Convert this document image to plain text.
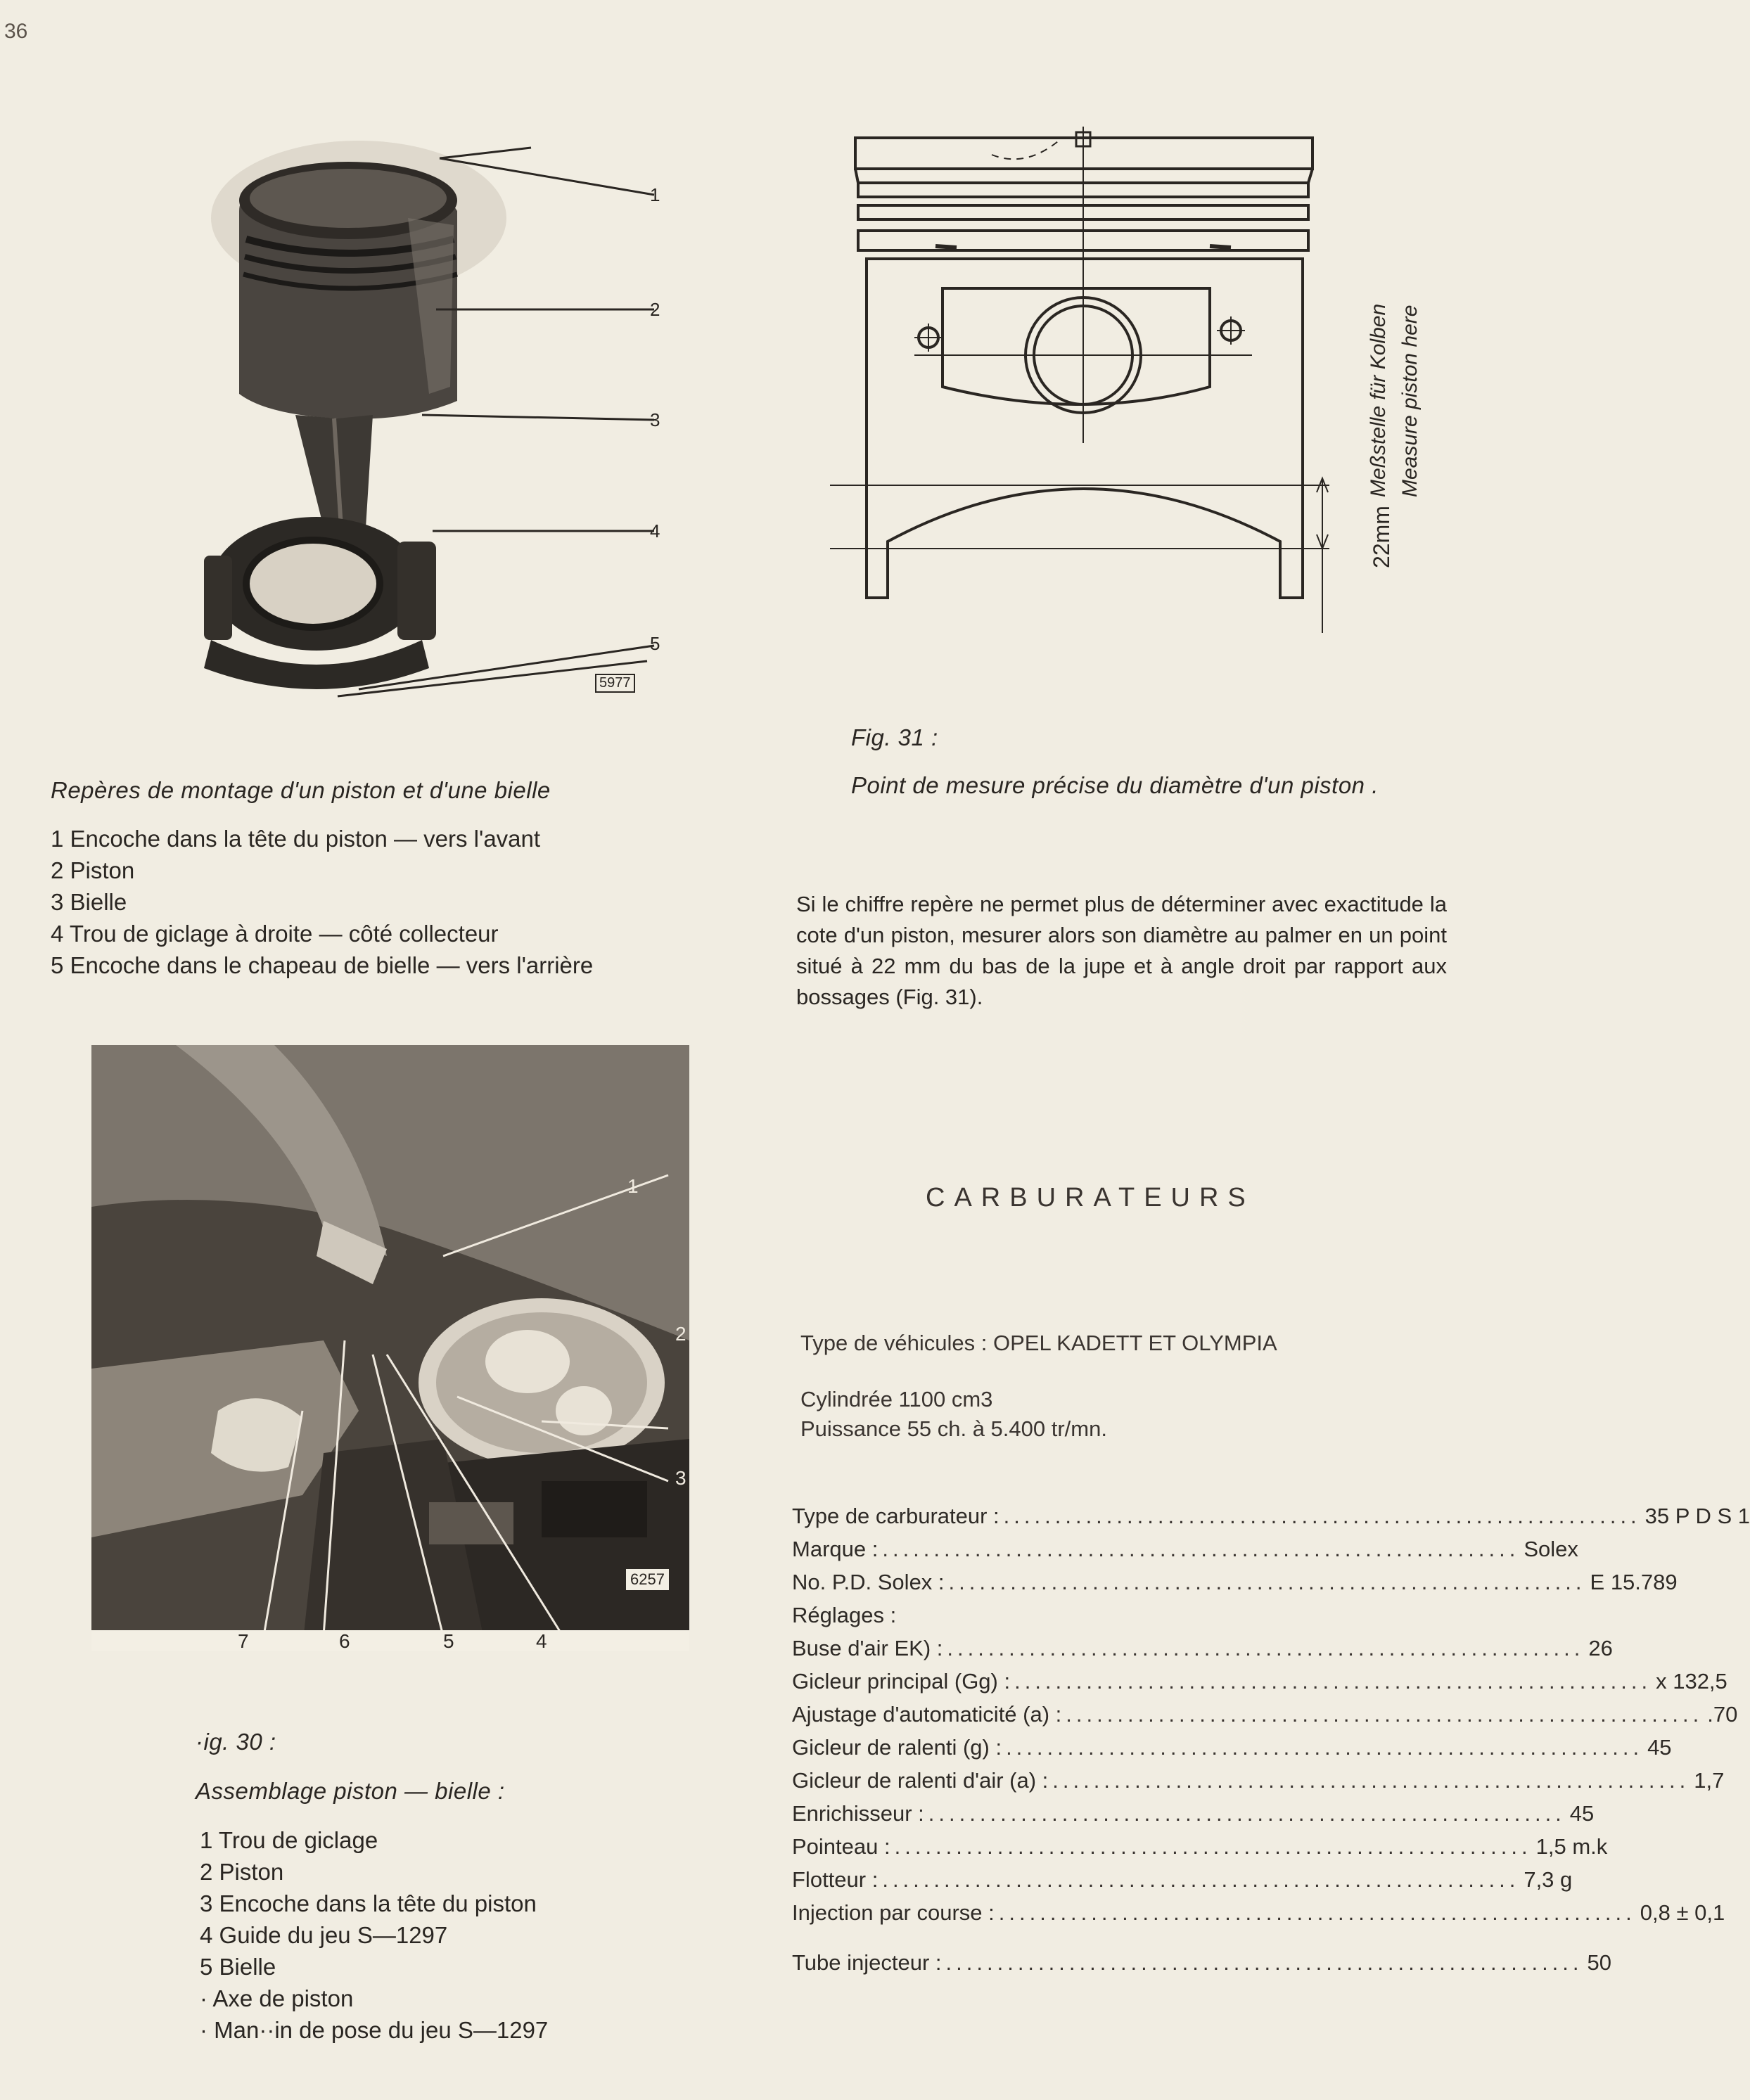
36
1
2
3
4
5
5977
Repères de montage d'un piston et d'une bielle
1 Encoche dans la tête du piston — vers l'avant
2 Piston
3 Bielle
4 Trou de giclage à droite — côté collecteur
5 Encoche dans le chapeau de bielle — vers l'arrière
Meßstelle für Kolben Measure piston here
22mm
Fig. 31 :
Point de mesure précise du diamètre d'un piston .
Si le chiffre repère ne permet plus de déterminer avec exactitude la cote d'un piston, mesurer alors son diamètre au palmer en un point situé à 22 mm du bas de la jupe et à angle droit par rapport aux bossages (Fig. 31).
1
2
3
6257
4
5
6
7
·ig. 30 :
Assemblage piston — bielle :
1 Trou de giclage
2 Piston
3 Encoche dans la tête du piston
4 Guide du jeu S—1297
5 Bielle
· Axe de piston
· Man··in de pose du jeu S—1297
CARBURATEURS
Type de véhicules : OPEL KADETT ET OLYMPIA
Cylindrée 1100 cm3
Puissance 55 ch. à 5.400 tr/mn.
Type de carburateur : .............................................................. 35 P D S 1
Marque : .............................................................. Solex
No. P.D. Solex : .............................................................. E 15.789
Réglages :
Buse d'air EK) : .............................................................. 26
Gicleur principal (Gg) : .............................................................. x 132,5
Ajustage d'automaticité (a) : .............................................................. .70
Gicleur de ralenti (g) : .............................................................. 45
Gicleur de ralenti d'air (a) : .............................................................. 1,7
Enrichisseur : .............................................................. 45
Pointeau : .............................................................. 1,5 m.k
Flotteur : .............................................................. 7,3 g
Injection par course : .............................................................. 0,8 ± 0,1
Tube injecteur : .............................................................. 50
